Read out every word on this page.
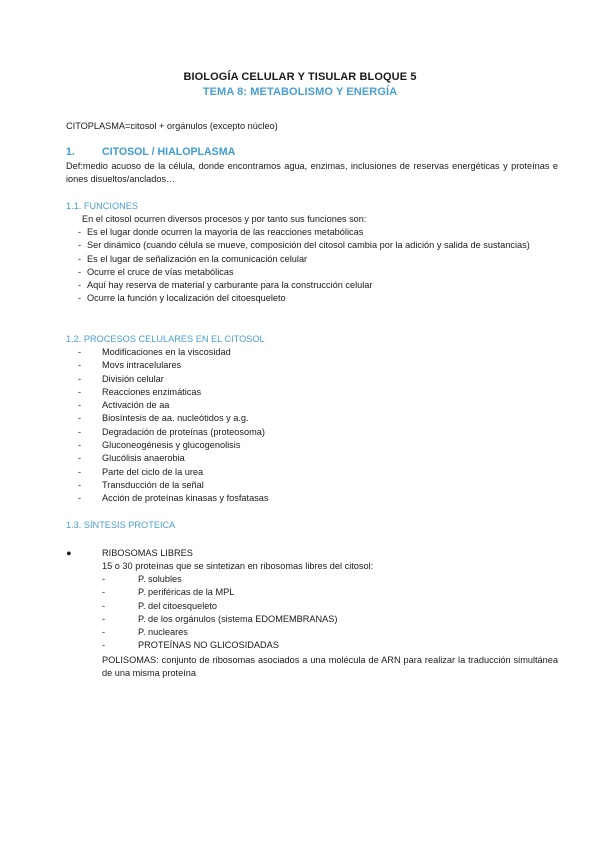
BIOLOGÍA CELULAR Y TISULAR BLOQUE 5
TEMA 8: METABOLISMO Y ENERGÍA
CITOPLASMA=citosol + orgánulos (excepto núcleo)
1.	CITOSOL / HIALOPLASMA
Def:medio acuoso de la célula, donde encontramos agua, enzimas, inclusiones de reservas energéticas y proteínas e iones disueltos/anclados…
1.1. FUNCIONES
En el citosol ocurren diversos procesos y por tanto sus funciones son:
- Es el lugar donde ocurren la mayoría de las reacciones metabólicas
- Ser dinámico (cuando célula se mueve, composición del citosol cambia por la adición y salida de sustancias)
- Es el lugar de señalización en la comunicación celular
- Ocurre el cruce de vías metabólicas
- Aquí hay reserva de material y carburante para la construcción celular
- Ocurre la función y localización del citoesqueleto
1.2. PROCESOS CELULARES EN EL CITOSOL
- Modificaciones en la viscosidad
- Movs intracelulares
- División celular
- Reacciones enzimáticas
- Activación de aa
- Biosíntesis de aa. nucleótidos y a.g.
- Degradación de proteínas (proteosoma)
- Gluconeogénesis y glucogenolisis
- Glucólisis anaerobia
- Parte del ciclo de la urea
- Transducción de la señal
- Acción de proteínas kinasas y fosfatasas
1.3. SÍNTESIS PROTEICA
●	RIBOSOMAS LIBRES
15 o 30 proteínas que se sintetizan en ribosomas libres del citosol:
-	P. solubles
-	P. periféricas de la MPL
-	P. del citoesqueleto
-	P. de los orgánulos (sistema EDOMEMBRANAS)
-	P. nucleares
-	PROTEÍNAS NO GLICOSIDADAS
POLISOMAS: conjunto de ribosomas asociados a una molécula de ARN para realizar la traducción simultánea de una misma proteína
